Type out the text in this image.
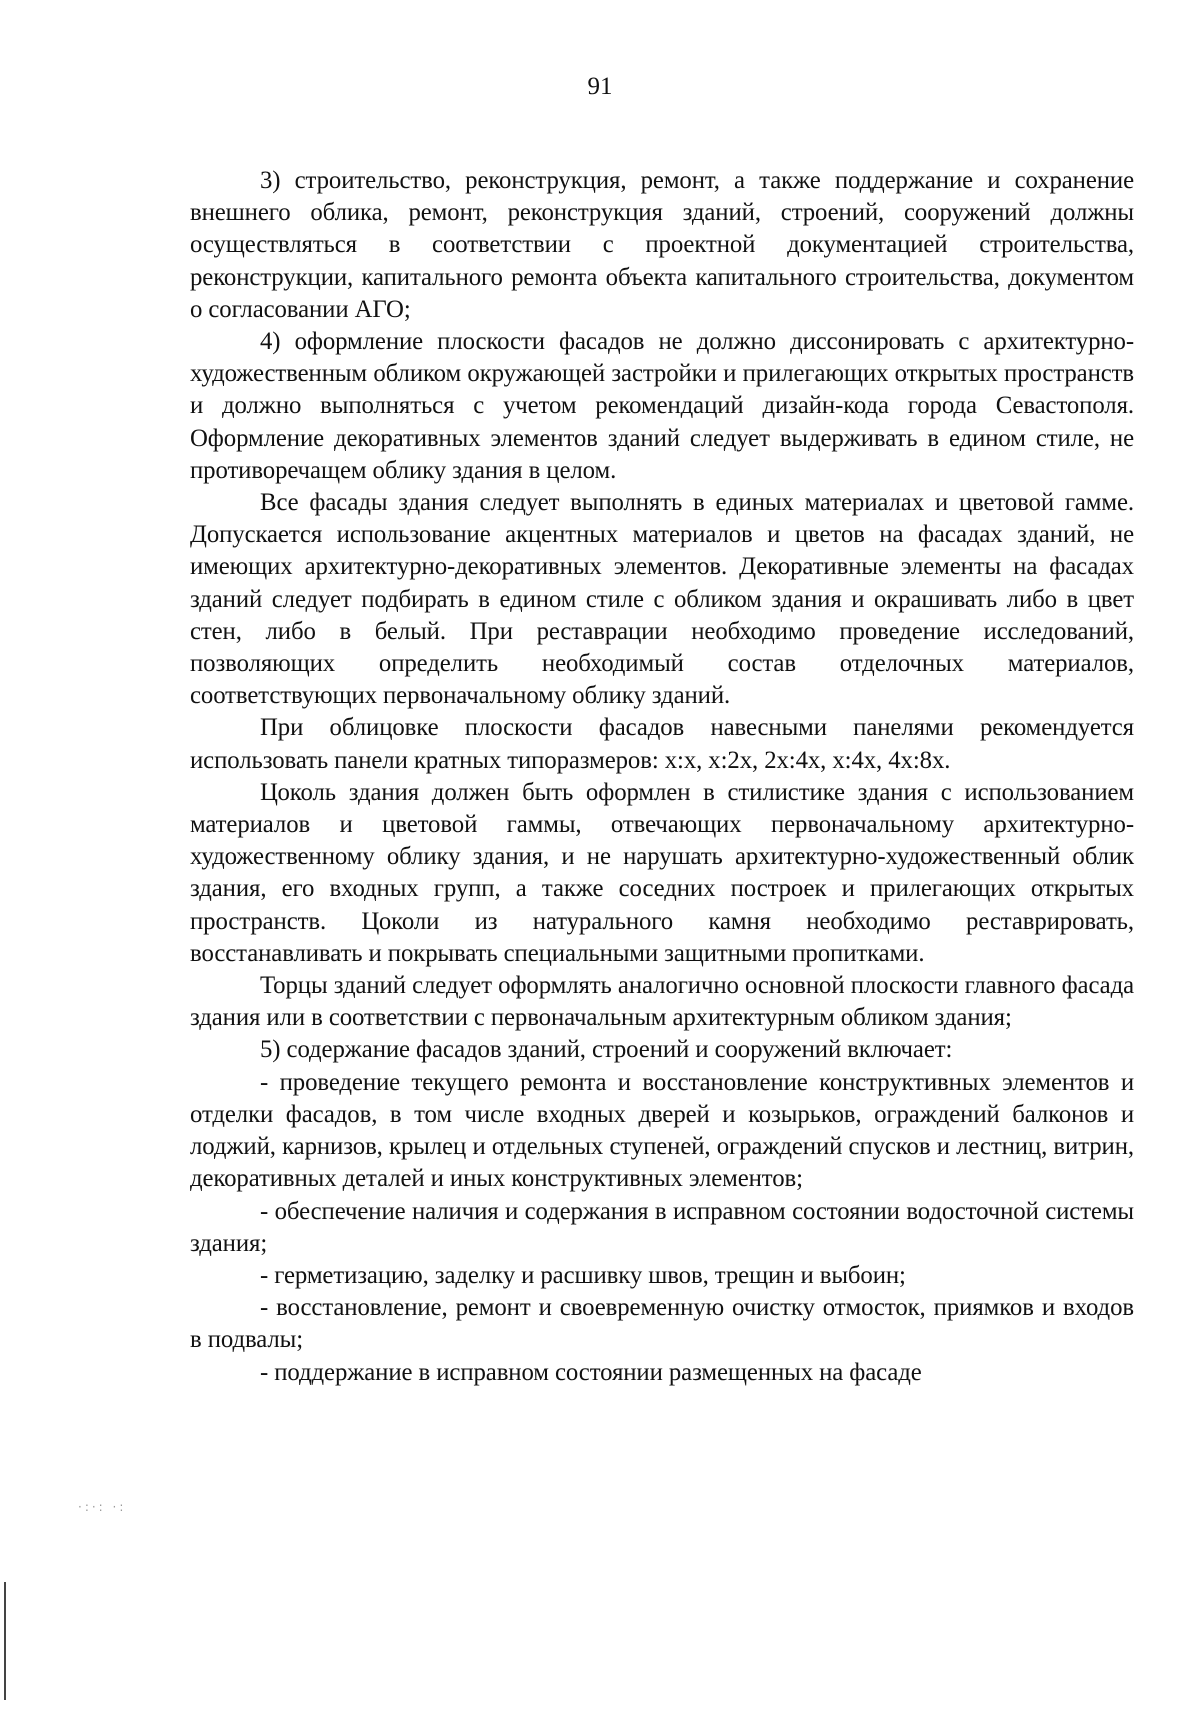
91

3) строительство, реконструкция, ремонт, а также поддержание и сохранение внешнего облика, ремонт, реконструкция зданий, строений, сооружений должны осуществляться в соответствии с проектной документацией строительства, реконструкции, капитального ремонта объекта капитального строительства, документом о согласовании АГО;

4) оформление плоскости фасадов не должно диссонировать с архитектурно-художественным обликом окружающей застройки и прилегающих открытых пространств и должно выполняться с учетом рекомендаций дизайн-кода города Севастополя. Оформление декоративных элементов зданий следует выдерживать в едином стиле, не противоречащем облику здания в целом.

Все фасады здания следует выполнять в единых материалах и цветовой гамме. Допускается использование акцентных материалов и цветов на фасадах зданий, не имеющих архитектурно-декоративных элементов. Декоративные элементы на фасадах зданий следует подбирать в едином стиле с обликом здания и окрашивать либо в цвет стен, либо в белый. При реставрации необходимо проведение исследований, позволяющих определить необходимый состав отделочных материалов, соответствующих первоначальному облику зданий.

При облицовке плоскости фасадов навесными панелями рекомендуется использовать панели кратных типоразмеров: x:x, x:2x, 2x:4x, x:4x, 4x:8x.

Цоколь здания должен быть оформлен в стилистике здания с использованием материалов и цветовой гаммы, отвечающих первоначальному архитектурно-художественному облику здания, и не нарушать архитектурно-художественный облик здания, его входных групп, а также соседних построек и прилегающих открытых пространств. Цоколи из натурального камня необходимо реставрировать, восстанавливать и покрывать специальными защитными пропитками.

Торцы зданий следует оформлять аналогично основной плоскости главного фасада здания или в соответствии с первоначальным архитектурным обликом здания;

5) содержание фасадов зданий, строений и сооружений включает:

- проведение текущего ремонта и восстановление конструктивных элементов и отделки фасадов, в том числе входных дверей и козырьков, ограждений балконов и лоджий, карнизов, крылец и отдельных ступеней, ограждений спусков и лестниц, витрин, декоративных деталей и иных конструктивных элементов;

- обеспечение наличия и содержания в исправном состоянии водосточной системы здания;

- герметизацию, заделку и расшивку швов, трещин и выбоин;

- восстановление, ремонт и своевременную очистку отмосток, приямков и входов в подвалы;

- поддержание в исправном состоянии размещенных на фасаде

·:·: ·:
